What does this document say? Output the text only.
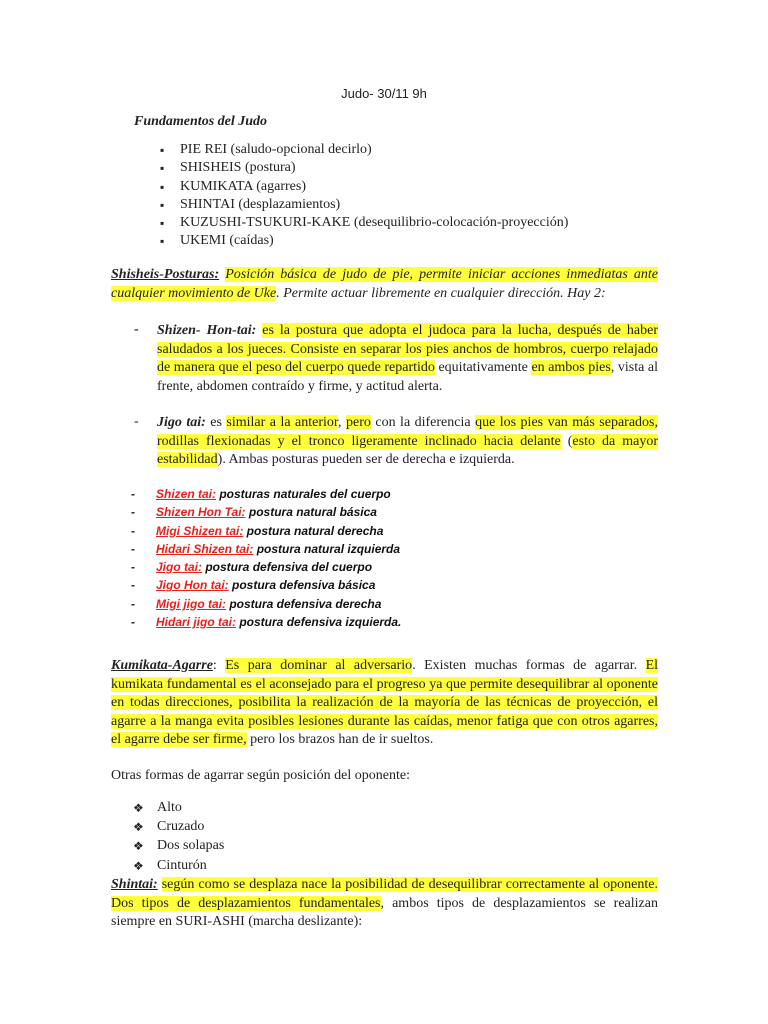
Judo- 30/11 9h
Fundamentos del Judo
▪ PIE REI (saludo-opcional decirlo)
▪ SHISHEIS (postura)
▪ KUMIKATA (agarres)
▪ SHINTAI (desplazamientos)
▪ KUZUSHI-TSUKURI-KAKE (desequilibrio-colocación-proyección)
▪ UKEMI (caídas)
Shisheis-Posturas: Posición básica de judo de pie, permite iniciar acciones inmediatas ante cualquier movimiento de Uke. Permite actuar libremente en cualquier dirección. Hay 2:
- Shizen- Hon-tai: es la postura que adopta el judoca para la lucha, después de haber saludados a los jueces. Consiste en separar los pies anchos de hombros, cuerpo relajado de manera que el peso del cuerpo quede repartido equitativamente en ambos pies, vista al frente, abdomen contraído y firme, y actitud alerta.
- Jigo tai: es similar a la anterior, pero con la diferencia que los pies van más separados, rodillas flexionadas y el tronco ligeramente inclinado hacia delante (esto da mayor estabilidad). Ambas posturas pueden ser de derecha e izquierda.
- Shizen tai: posturas naturales del cuerpo
- Shizen Hon Tai: postura natural básica
- Migi Shizen tai: postura natural derecha
- Hidari Shizen tai: postura natural izquierda
- Jigo tai: postura defensiva del cuerpo
- Jigo Hon tai: postura defensiva básica
- Migi jigo tai: postura defensiva derecha
- Hidari jigo tai: postura defensiva izquierda.
Kumikata-Agarre: Es para dominar al adversario. Existen muchas formas de agarrar. El kumikata fundamental es el aconsejado para el progreso ya que permite desequilibrar al oponente en todas direcciones, posibilita la realización de la mayoría de las técnicas de proyección, el agarre a la manga evita posibles lesiones durante las caídas, menor fatiga que con otros agarres, el agarre debe ser firme, pero los brazos han de ir sueltos.
Otras formas de agarrar según posición del oponente:
❖ Alto
❖ Cruzado
❖ Dos solapas
❖ Cinturón
Shintai: según como se desplaza nace la posibilidad de desequilibrar correctamente al oponente. Dos tipos de desplazamientos fundamentales, ambos tipos de desplazamientos se realizan siempre en SURI-ASHI (marcha deslizante):
